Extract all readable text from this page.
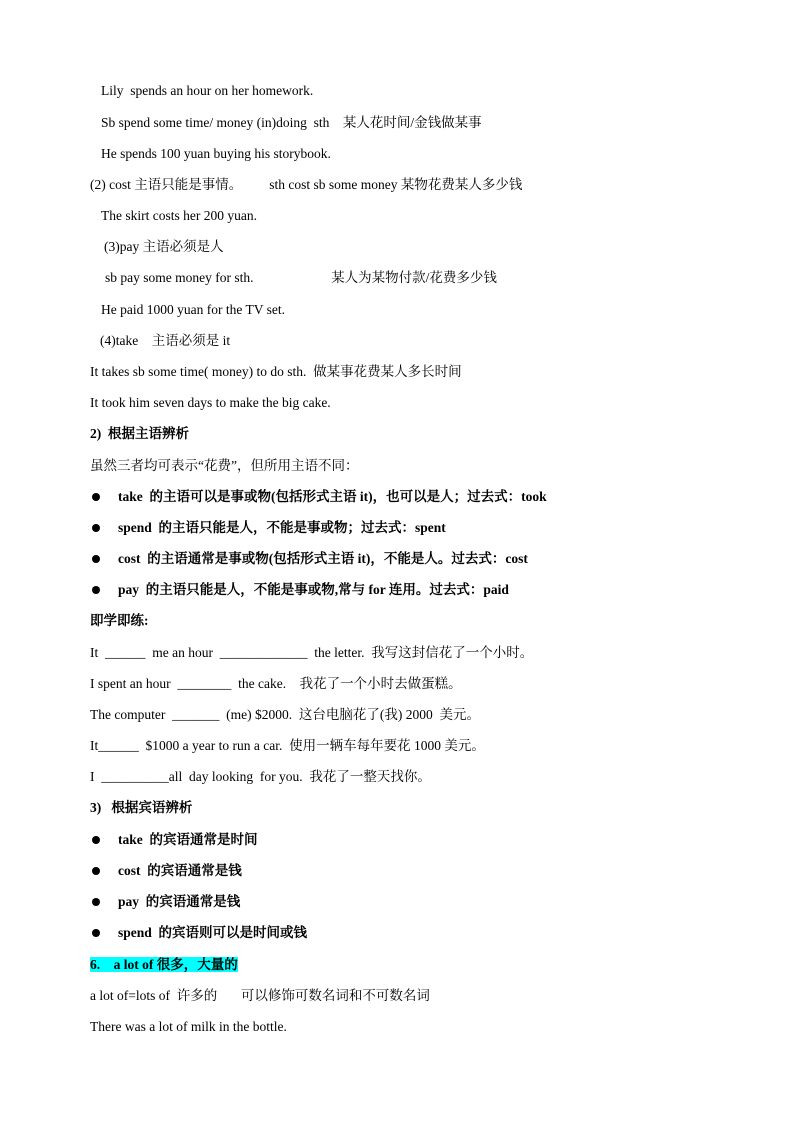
Lily  spends an hour on her homework.
Sb spend some time/ money (in)doing  sth    某人花时间/金钱做某事
He spends 100 yuan buying his storybook.
(2) cost 主语只能是事情。        sth cost sb some money 某物花费某人多少钱
The skirt costs her 200 yuan.
(3)pay 主语必须是人
sb pay some money for sth.                       某人为某物付款/花费多少钱
He paid 1000 yuan for the TV set.
(4)take    主语必须是 it
It takes sb some time( money) to do sth.  做某事花费某人多长时间
It took him seven days to make the big cake.
2)  根据主语辨析
虽然三者均可表示“花费”，但所用主语不同：
take  的主语可以是事或物(包括形式主语 it)，也可以是人；过去式：took
spend  的主语只能是人，不能是事或物；过去式：spent
cost  的主语通常是事或物(包括形式主语 it)，不能是人。过去式：cost
pay  的主语只能是人，不能是事或物,常与 for 连用。过去式：paid
即学即练:
It  ______  me an hour  _____________  the letter.  我写这封信花了一个小时。
I spent an hour  ________  the cake.    我花了一个小时去做蛋糕。
The computer  _______  (me) $2000.  这台电脑花了(我) 2000  美元。
It______  $1000 a year to run a car.  使用一辆车每年要花 1000 美元。
I  __________all  day looking  for you.  我花了一整天找你。
3)   根据宾语辨析
take  的宾语通常是时间
cost  的宾语通常是钱
pay  的宾语通常是钱
spend  的宾语则可以是时间或钱
6.    a lot of 很多，大量的
a lot of=lots of  许多的       可以修饰可数名词和不可数名词
There was a lot of milk in the bottle.
